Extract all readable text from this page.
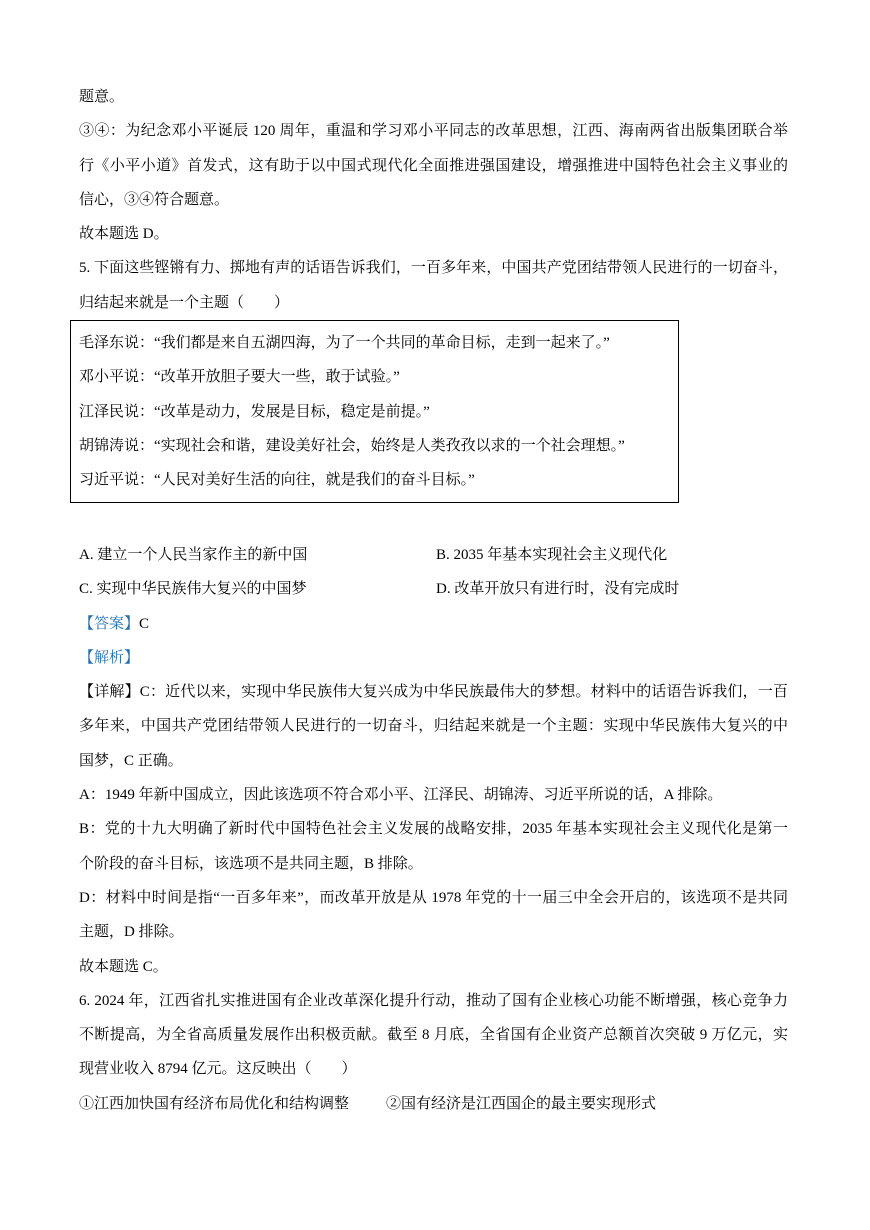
题意。
③④：为纪念邓小平诞辰 120 周年，重温和学习邓小平同志的改革思想，江西、海南两省出版集团联合举
行《小平小道》首发式，这有助于以中国式现代化全面推进强国建设，增强推进中国特色社会主义事业的
信心，③④符合题意。
故本题选 D。
5. 下面这些铿锵有力、掷地有声的话语告诉我们，一百多年来，中国共产党团结带领人民进行的一切奋斗，
归结起来就是一个主题（　　）
毛泽东说：“我们都是来自五湖四海，为了一个共同的革命目标，走到一起来了。”
邓小平说：“改革开放胆子要大一些，敢于试验。”
江泽民说：“改革是动力，发展是目标，稳定是前提。”
胡锦涛说：“实现社会和谐，建设美好社会，始终是人类孜孜以求的一个社会理想。”
习近平说：“人民对美好生活的向往，就是我们的奋斗目标。”
A. 建立一个人民当家作主的新中国	B. 2035 年基本实现社会主义现代化
C. 实现中华民族伟大复兴的中国梦	D. 改革开放只有进行时，没有完成时
【答案】C
【解析】
【详解】C：近代以来，实现中华民族伟大复兴成为中华民族最伟大的梦想。材料中的话语告诉我们，一百
多年来，中国共产党团结带领人民进行的一切奋斗，归结起来就是一个主题：实现中华民族伟大复兴的中
国梦，C 正确。
A：1949 年新中国成立，因此该选项不符合邓小平、江泽民、胡锦涛、习近平所说的话，A 排除。
B：党的十九大明确了新时代中国特色社会主义发展的战略安排，2035 年基本实现社会主义现代化是第一
个阶段的奋斗目标，该选项不是共同主题，B 排除。
D：材料中时间是指“一百多年来”，而改革开放是从 1978 年党的十一届三中全会开启的，该选项不是共同
主题，D 排除。
故本题选 C。
6. 2024 年，江西省扎实推进国有企业改革深化提升行动，推动了国有企业核心功能不断增强，核心竞争力
不断提高，为全省高质量发展作出积极贡献。截至 8 月底，全省国有企业资产总额首次突破 9 万亿元，实
现营业收入 8794 亿元。这反映出（　　）
①江西加快国有经济布局优化和结构调整 ②国有经济是江西国企的最主要实现形式
